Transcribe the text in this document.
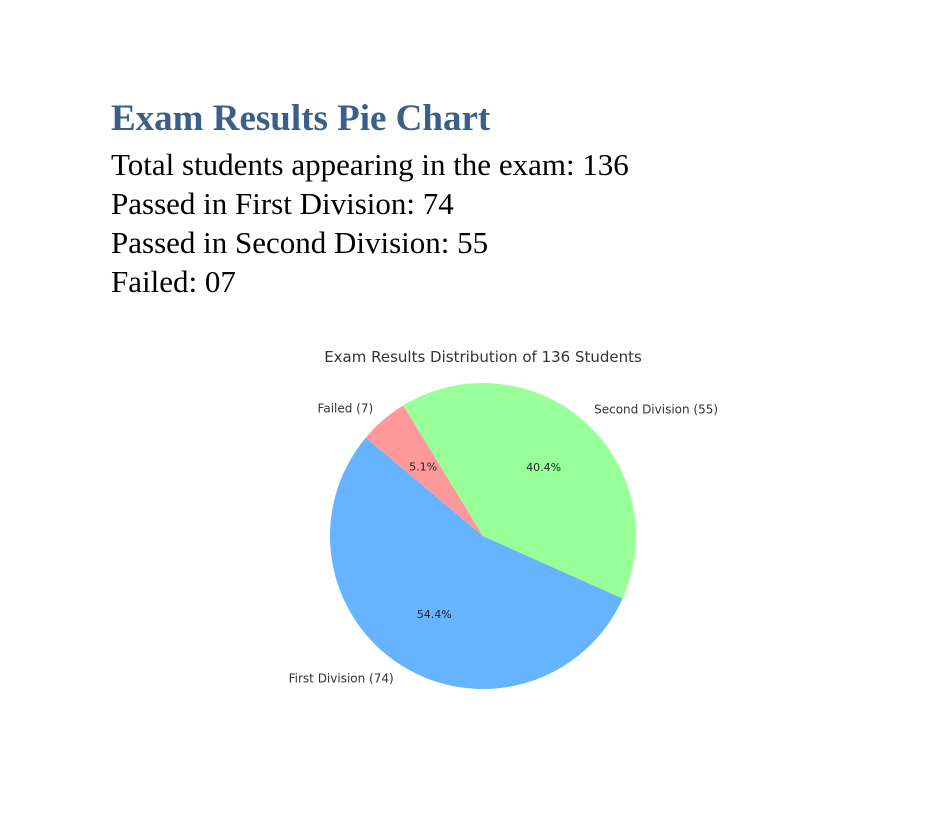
Exam Results Pie Chart
Total students appearing in the exam: 136
Passed in First Division: 74
Passed in Second Division: 55
Failed: 07
Exam Results Distribution of 136 Students
54.4%
40.4%
5.1%
First Division (74)
Second Division (55)
Failed (7)
